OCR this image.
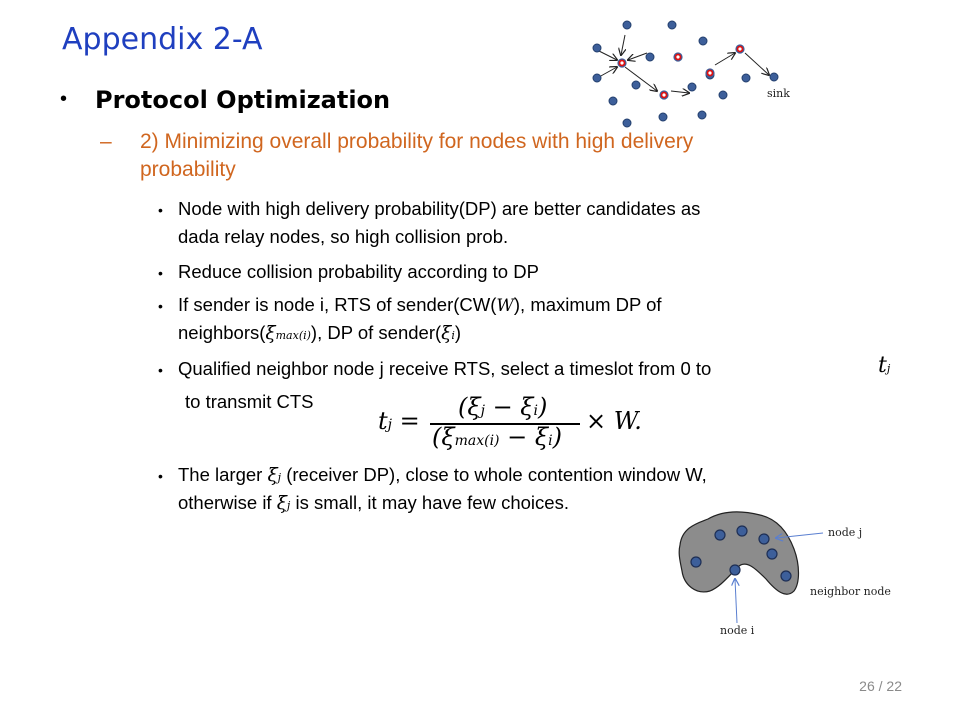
Appendix 2-A
sink
• Protocol Optimization
– 2) Minimizing overall probability for nodes with high delivery
probability
• Node with high delivery probability(DP) are better candidates as
dada relay nodes, so high collision prob.
• Reduce collision probability according to DP
• If sender is node i, RTS of sender(CW(W), maximum DP of
neighbors(ξmax(i)), DP of sender(ξi)
• Qualified neighbor node j receive RTS, select a timeslot from 0 to	tj
to transmit CTS
tj = (ξj − ξi)
(ξmax(i) − ξi)
× W.
• The larger ξj (receiver DP), close to whole contention window W,
otherwise if ξj is small, it may have few choices.
node j
neighbor node
node i
26 / 22
